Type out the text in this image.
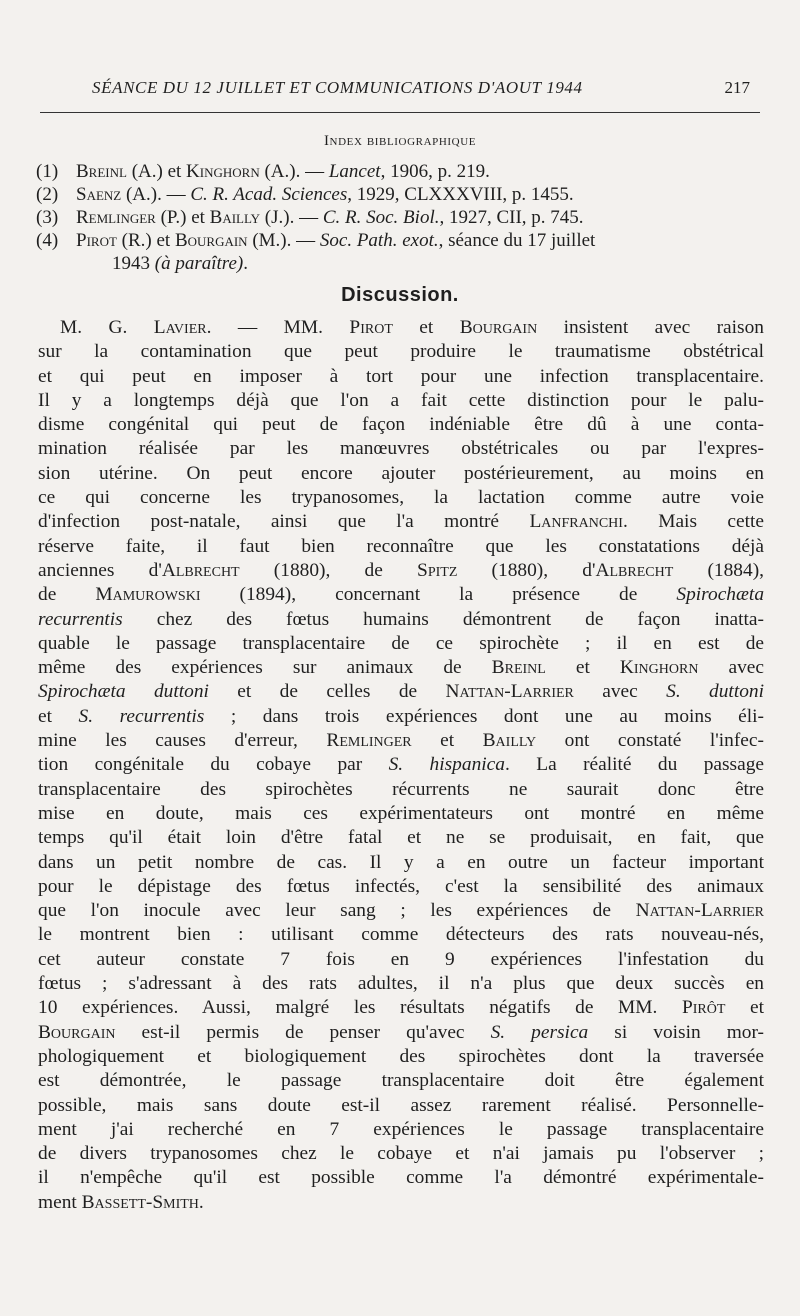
SÉANCE DU 12 JUILLET ET COMMUNICATIONS D'AOUT 1944	217
Index bibliographique
(1) Breinl (A.) et Kinghorn (A.). — Lancet, 1906, p. 219.
(2) Saenz (A.). — C. R. Acad. Sciences, 1929, CLXXXVIII, p. 1455.
(3) Remlinger (P.) et Bailly (J.). — C. R. Soc. Biol., 1927, CII, p. 745.
(4) Pirot (R.) et Bourgain (M.). — Soc. Path. exot., séance du 17 juillet
1943 (à paraître).
Discussion.
M. G. Lavier. — MM. Pirot et Bourgain insistent avec raison
sur la contamination que peut produire le traumatisme obstétrical
et qui peut en imposer à tort pour une infection transplacentaire.
Il y a longtemps déjà que l'on a fait cette distinction pour le palu-
disme congénital qui peut de façon indéniable être dû à une conta-
mination réalisée par les manœuvres obstétricales ou par l'expres-
sion utérine. On peut encore ajouter postérieurement, au moins en
ce qui concerne les trypanosomes, la lactation comme autre voie
d'infection post-natale, ainsi que l'a montré Lanfranchi. Mais cette
réserve faite, il faut bien reconnaître que les constatations déjà
anciennes d'Albrecht (1880), de Spitz (1880), d'Albrecht (1884),
de Mamurowski (1894), concernant la présence de Spirochæta
recurrentis chez des fœtus humains démontrent de façon inatta-
quable le passage transplacentaire de ce spirochète ; il en est de
même des expériences sur animaux de Breinl et Kinghorn avec
Spirochæta duttoni et de celles de Nattan-Larrier avec S. duttoni
et S. recurrentis ; dans trois expériences dont une au moins éli-
mine les causes d'erreur, Remlinger et Bailly ont constaté l'infec-
tion congénitale du cobaye par S. hispanica. La réalité du passage
transplacentaire des spirochètes récurrents ne saurait donc être
mise en doute, mais ces expérimentateurs ont montré en même
temps qu'il était loin d'être fatal et ne se produisait, en fait, que
dans un petit nombre de cas. Il y a en outre un facteur important
pour le dépistage des fœtus infectés, c'est la sensibilité des animaux
que l'on inocule avec leur sang ; les expériences de Nattan-Larrier
le montrent bien : utilisant comme détecteurs des rats nouveau-nés,
cet auteur constate 7 fois en 9 expériences l'infestation du
fœtus ; s'adressant à des rats adultes, il n'a plus que deux succès en
10 expériences. Aussi, malgré les résultats négatifs de MM. Pirôt et
Bourgain est-il permis de penser qu'avec S. persica si voisin mor-
phologiquement et biologiquement des spirochètes dont la traversée
est démontrée, le passage transplacentaire doit être également
possible, mais sans doute est-il assez rarement réalisé. Personnelle-
ment j'ai recherché en 7 expériences le passage transplacentaire
de divers trypanosomes chez le cobaye et n'ai jamais pu l'observer ;
il n'empêche qu'il est possible comme l'a démontré expérimentale-
ment Bassett-Smith.
